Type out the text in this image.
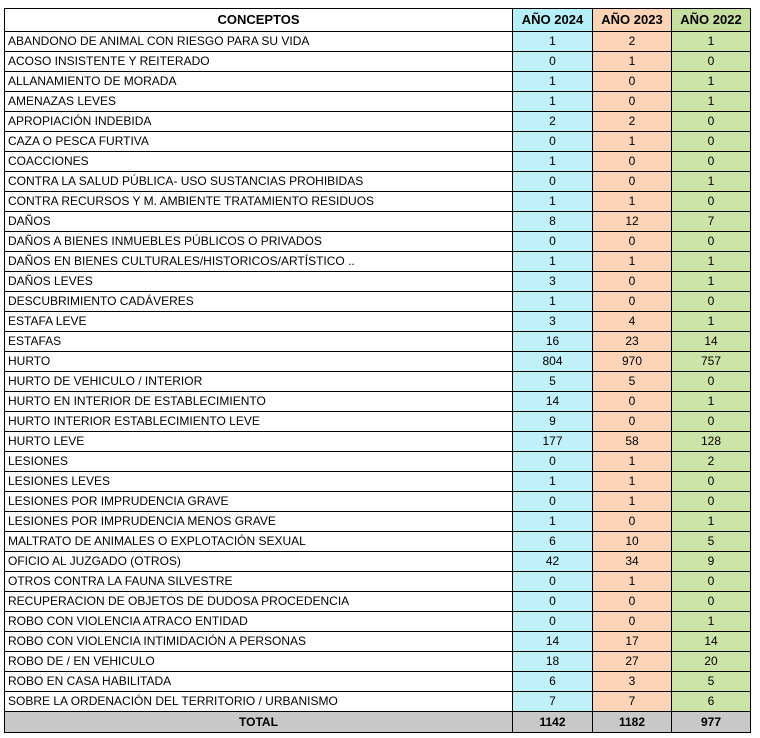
CONCEPTOS	AÑO 2024	AÑO 2023	AÑO 2022
ABANDONO DE ANIMAL CON RIESGO PARA SU VIDA	1	2	1
ACOSO INSISTENTE Y REITERADO	0	1	0
ALLANAMIENTO DE MORADA	1	0	1
AMENAZAS LEVES	1	0	1
APROPIACIÓN INDEBIDA	2	2	0
CAZA O PESCA FURTIVA	0	1	0
COACCIONES	1	0	0
CONTRA LA SALUD PÚBLICA- USO SUSTANCIAS PROHIBIDAS	0	0	1
CONTRA RECURSOS Y M. AMBIENTE TRATAMIENTO RESIDUOS	1	1	0
DAÑOS	8	12	7
DAÑOS A BIENES INMUEBLES PÚBLICOS O PRIVADOS	0	0	0
DAÑOS EN BIENES CULTURALES/HISTORICOS/ARTÍSTICO ..	1	1	1
DAÑOS LEVES	3	0	1
DESCUBRIMIENTO CADÁVERES	1	0	0
ESTAFA LEVE	3	4	1
ESTAFAS	16	23	14
HURTO	804	970	757
HURTO DE VEHICULO / INTERIOR	5	5	0
HURTO EN INTERIOR DE ESTABLECIMIENTO	14	0	1
HURTO INTERIOR ESTABLECIMIENTO LEVE	9	0	0
HURTO LEVE	177	58	128
LESIONES	0	1	2
LESIONES LEVES	1	1	0
LESIONES POR IMPRUDENCIA GRAVE	0	1	0
LESIONES POR IMPRUDENCIA MENOS GRAVE	1	0	1
MALTRATO DE ANIMALES O EXPLOTACIÓN SEXUAL	6	10	5
OFICIO AL JUZGADO (OTROS)	42	34	9
OTROS CONTRA LA FAUNA SILVESTRE	0	1	0
RECUPERACION DE OBJETOS DE DUDOSA PROCEDENCIA	0	0	0
ROBO CON VIOLENCIA ATRACO ENTIDAD	0	0	1
ROBO CON VIOLENCIA INTIMIDACIÓN A PERSONAS	14	17	14
ROBO DE / EN VEHICULO	18	27	20
ROBO EN CASA HABILITADA	6	3	5
SOBRE LA ORDENACIÓN DEL TERRITORIO / URBANISMO	7	7	6
TOTAL	1142	1182	977
